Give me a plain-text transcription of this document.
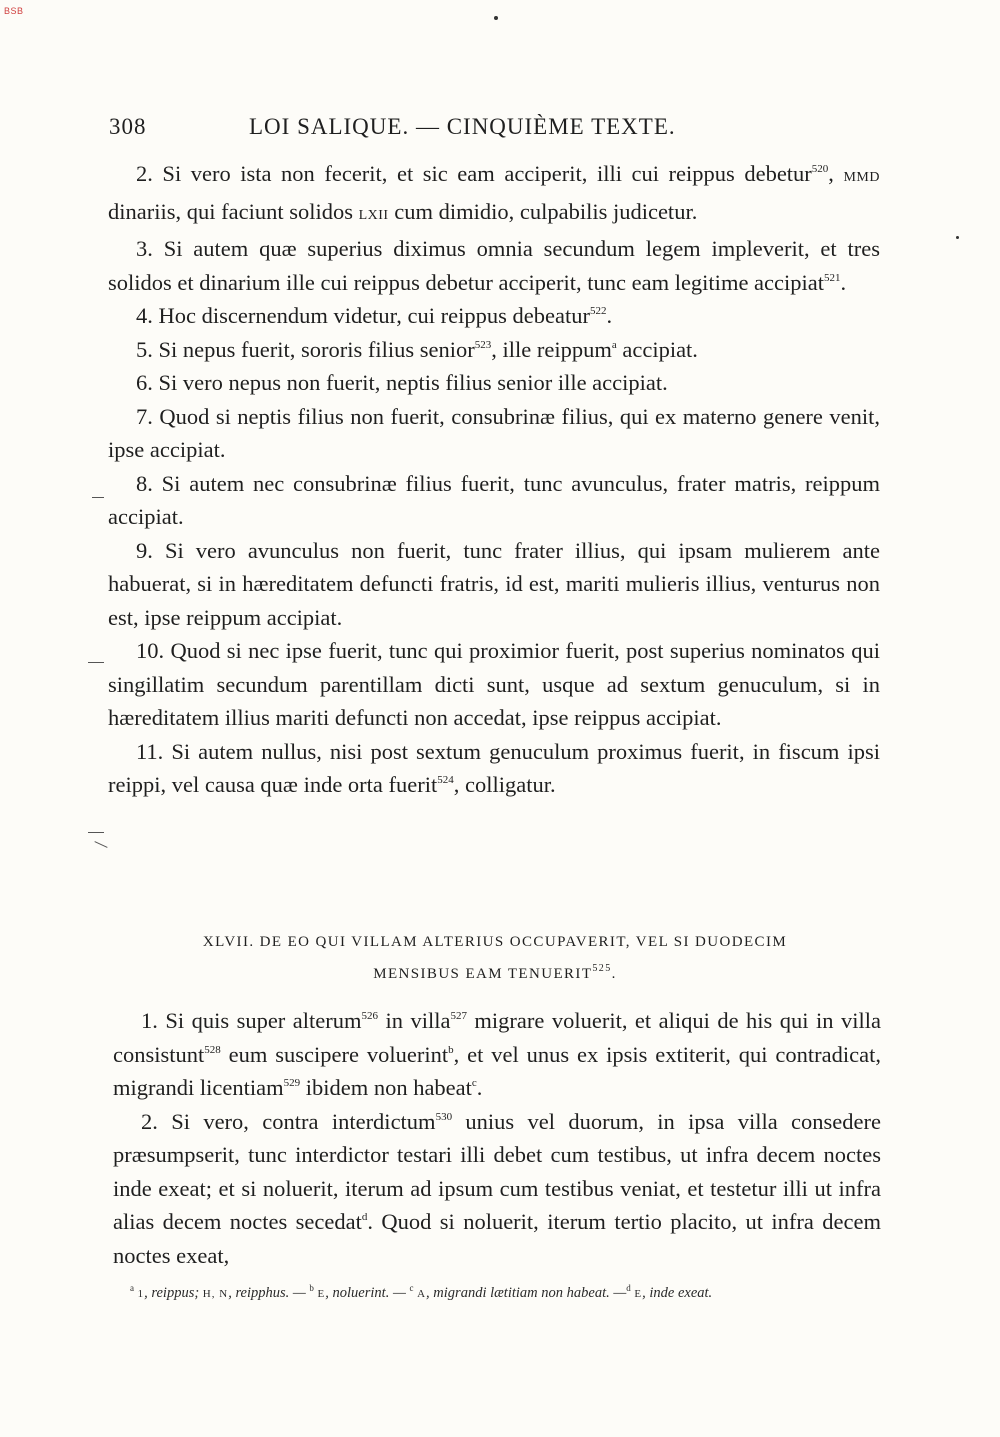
BSB
308	LOI SALIQUE. — CINQUIÈME TEXTE.

2. Si vero ista non fecerit, et sic eam acciperit, illi cui reippus debetur$^{520}$, MMD dinariis, qui faciunt solidos LXII cum dimidio, culpabilis judicetur.

3. Si autem quæ superius diximus omnia secundum legem impleverit, et tres solidos et dinarium ille cui reippus debetur acciperit, tunc eam legitime accipiat$^{521}$.

4. Hoc discernendum videtur, cui reippus debeatur$^{522}$.

5. Si nepus fuerit, sororis filius senior$^{523}$, ille reippum$^a$ accipiat.

6. Si vero nepus non fuerit, neptis filius senior ille accipiat.

7. Quod si neptis filius non fuerit, consubrinæ filius, qui ex materno genere venit, ipse accipiat.

8. Si autem nec consubrinæ filius fuerit, tunc avunculus, frater matris, reippum accipiat.

9. Si vero avunculus non fuerit, tunc frater illius, qui ipsam mulierem ante habuerat, si in hæreditatem defuncti fratris, id est, mariti mulieris illius, venturus non est, ipse reippum accipiat.

10. Quod si nec ipse fuerit, tunc qui proximior fuerit, post superius nominatos qui singillatim secundum parentillam dicti sunt, usque ad sextum genuculum, si in hæreditatem illius mariti defuncti non accedat, ipse reippus accipiat.

11. Si autem nullus, nisi post sextum genuculum proximus fuerit, in fiscum ipsi reippi, vel causa quæ inde orta fuerit$^{524}$, colligatur.

XLVII. DE EO QUI VILLAM ALTERIUS OCCUPAVERIT, VEL SI DUODECIM
MENSIBUS EAM TENUERIT$^{525}$.

1. Si quis super alterum$^{526}$ in villa$^{527}$ migrare voluerit, et aliqui de his qui in villa consistunt$^{528}$ eum suscipere voluerint$^b$, et vel unus ex ipsis extiterit, qui contradicat, migrandi licentiam$^{529}$ ibidem non habeat$^c$.

2. Si vero, contra interdictum$^{530}$ unius vel duorum, in ipsa villa consedere præsumpserit, tunc interdictor testari illi debet cum testibus, ut infra decem noctes inde exeat; et si noluerit, iterum ad ipsum cum testibus veniat, et testetur illi ut infra alias decem noctes secedat$^d$. Quod si noluerit, iterum tertio placito, ut infra decem noctes exeat,

$^a$ 1, reippus; H, N, reipphus. — $^b$ E, noluerint. — $^c$ A, migrandi lætitiam non habeat. —$^d$ E, inde exeat.
